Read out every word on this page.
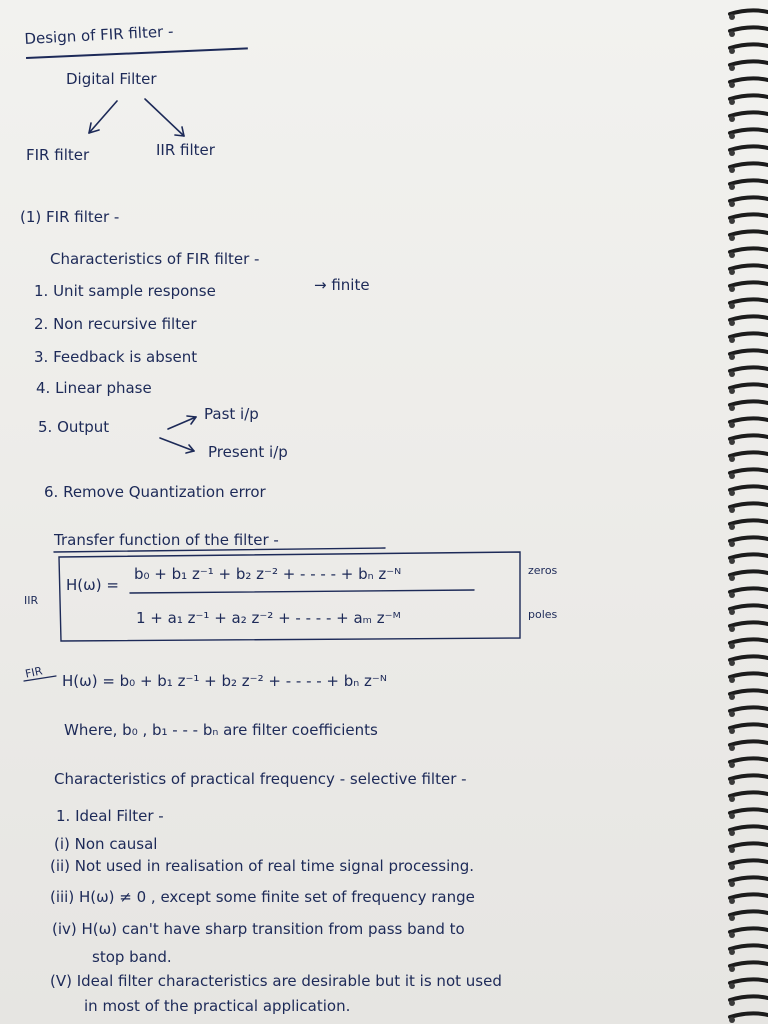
Design of FIR filter -
Digital Filter
FIR filter	IIR filter
(1) FIR filter -
Characteristics of FIR filter -
1. Unit sample response	→ finite
2. Non recursive filter
3. Feedback is absent
4. Linear phase
5. Output
Past i/p
Present i/p
6. Remove Quantization error
Transfer function of the filter -
IIR
H(ω) =
b₀ + b₁ z⁻¹ + b₂ z⁻² + - - - - + bₙ z⁻ᴺ
1 + a₁ z⁻¹ + a₂ z⁻² + - - - - + aₘ z⁻ᴹ
zeros
poles
FIR H(ω) = b₀ + b₁ z⁻¹ + b₂ z⁻² + - - - - + bₙ z⁻ᴺ
Where, b₀ , b₁ - - - bₙ are filter coefficients
Characteristics of practical frequency - selective filter -
1. Ideal Filter -
(i) Non causal
(ii) Not used in realisation of real time signal processing.
(iii) H(ω) ≠ 0 , except some finite set of frequency range
(iv) H(ω) can't have sharp transition from pass band to
stop band.
(V) Ideal filter characteristics are desirable but it is not used
in most of the practical application.
